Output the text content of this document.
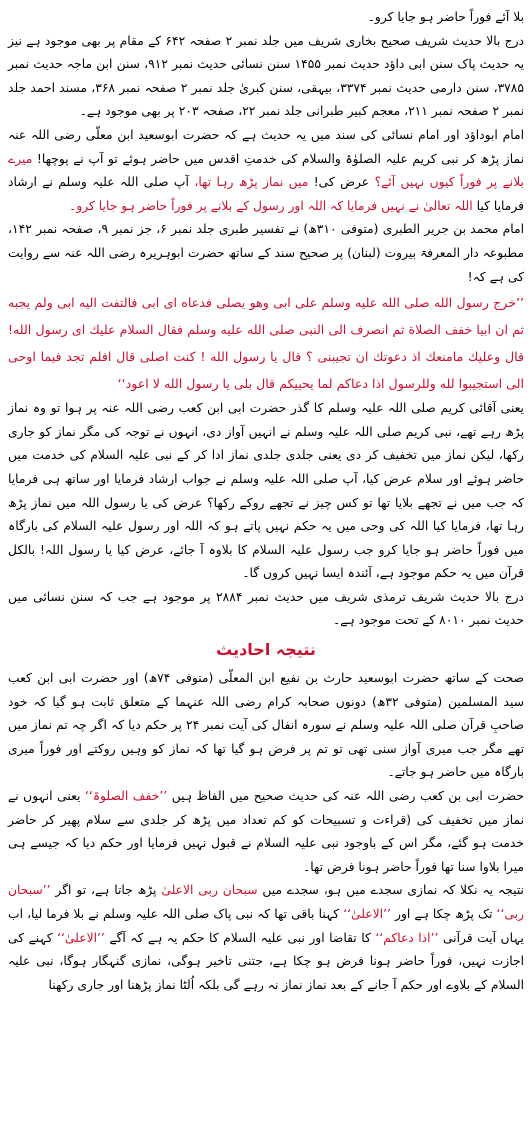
بلا آئے فوراً حاضر ہو جایا کرو۔

درج بالا حدیث شریف صحیح بخاری شریف میں جلد نمبر ۲ صفحہ ۶۴۲ کے مقام پر بھی موجود ہے نیز یہ حدیث پاک سنن ابی داؤد حدیث نمبر ۱۴۵۵ سنن نسائی حدیث نمبر ۹۱۲، سنن ابن ماجہ حدیث نمبر ۳۷۸۵، سنن دارمی حدیث نمبر ۳۳۷۴، بیہقی، سنن کبریٰ جلد نمبر ۲ صفحہ نمبر ۳۶۸، مسند احمد جلد نمبر ۲ صفحہ نمبر ۲۱۱، معجم کبیر طبرانی جلد نمبر ۲۲، صفحہ ۲۰۳ پر بھی موجود ہے۔

امام ابوداؤد اور امام نسائی کی سند میں یہ حدیث ہے کہ حضرت ابوسعید ابن معلّی رضی اللہ عنہ نماز پڑھ کر نبی کریم علیہ الصلوٰۃ والسلام کی خدمتِ اقدس میں حاضر ہوئے تو آپ نے پوچھا! میرے بلانے پر فوراً کیوں نہیں آئے؟ عرض کی! میں نماز پڑھ رہا تھا، آپ صلی اللہ علیہ وسلم نے ارشاد فرمایا کیا اللہ تعالیٰ نے نہیں فرمایا کہ اللہ اور رسول کے بلانے پر فوراً حاضر ہو جایا کرو۔

امام محمد بن جریر الطبری (متوفی ۳۱۰ھ) نے تفسیر طبری جلد نمبر ۶، جز نمبر ۹، صفحہ نمبر ۱۴۲، مطبوعہ دار المعرفۃ بیروت (لبنان) پر صحیح سند کے ساتھ حضرت ابوہریرہ رضی اللہ عنہ سے روایت کی ہے کہ!

’’خرج رسول الله صلى الله عليه وسلم على ابى وهو يصلى فدعاه اى ابى فالتفت اليه ابى ولم يجبه ثم ان ابيا خفف الصلاة ثم انصرف الى النبى صلى الله عليه وسلم فقال السلام عليك اى رسول الله! قال وعليك مامنعك اذ دعوتك ان تجيبنى ؟ قال يا رسول الله ! كنت اصلى قال افلم تجد فيما اوحى الى استجيبوا لله وللرسول اذا دعاكم لما يحييكم قال بلى يا رسول الله لا اعود‘‘

یعنی آقائی کریم صلی اللہ علیہ وسلم کا گذر حضرت ابی ابن کعب رضی اللہ عنہ پر ہوا تو وہ نماز پڑھ رہے تھے، نبی کریم صلی اللہ علیہ وسلم نے انہیں آواز دی، انہوں نے توجہ کی مگر نماز کو جاری رکھا، لیکن نماز میں تخفیف کر دی یعنی جلدی جلدی نماز ادا کر کے نبی علیہ السلام کی خدمت میں حاضر ہوئے اور سلام عرض کیا، آپ صلی اللہ علیہ وسلم نے جواب ارشاد فرمایا اور ساتھ ہی فرمایا کہ جب میں نے تجھے بلایا تھا تو کس چیز نے تجھے روکے رکھا؟ عرض کی یا رسول اللہ میں نماز پڑھ رہا تھا، فرمایا کیا اللہ کی وحی میں یہ حکم نہیں پاتے ہو کہ اللہ اور رسول علیہ السلام کی بارگاہ میں فوراً حاضر ہو جایا کرو جب رسول علیہ السلام کا بلاوہ آ جائے، عرض کیا یا رسول اللہ! بالکل قرآن میں یہ حکم موجود ہے، آئندہ ایسا نہیں کروں گا۔

درج بالا حدیث شریف ترمذی شریف میں حدیث نمبر ۲۸۸۴ پر موجود ہے جب کہ سنن نسائی میں حدیث نمبر ۸۰۱۰ کے تحت موجود ہے۔

نتیجہ احادیث

صحت کے ساتھ حضرت ابوسعید حارث بن نفیع ابن المعلّی (متوفی ۷۴ھ) اور حضرت ابی ابن کعب سید المسلمین (متوفی ۳۲ھ) دونوں صحابہ کرام رضی اللہ عنہما کے متعلق ثابت ہو گیا کہ خود صاحبِ قرآن صلی اللہ علیہ وسلم نے سورہ انفال کی آیت نمبر ۲۴ پر حکم دیا کہ اگر چہ تم نماز میں تھے مگر جب میری آواز سنی تھی تو تم پر فرض ہو گیا تھا کہ نماز کو وہیں روکتے اور فوراً میری بارگاہ میں حاضر ہو جاتے۔

حضرت ابی بن کعب رضی اللہ عنہ کی حدیث صحیح میں الفاظ ہیں ’’خفف الصلوۃ‘‘ یعنی انہوں نے نماز میں تخفیف کی (قراءت و تسبیحات کو کم تعداد میں پڑھ کر جلدی سے سلام پھیر کر حاضر خدمت ہو گئے، مگر اس کے باوجود نبی علیہ السلام نے قبول نہیں فرمایا اور حکم دیا کہ جیسے ہی میرا بلاوا سنا تھا فوراً حاضر ہونا فرض تھا۔

نتیجہ یہ نکلا کہ نمازی سجدے میں ہو، سجدے میں سبحان ربی الاعلیٰ پڑھ جاتا ہے، تو اگر ’’سبحان ربی‘‘ تک پڑھ چکا ہے اور ’’الاعلیٰ‘‘ کہنا باقی تھا کہ نبی پاک صلی اللہ علیہ وسلم نے بلا فرما لیا، اب یہاں آیت قرآنی ’’اذا دعاکم‘‘ کا تقاضا اور نبی علیہ السلام کا حکم یہ ہے کہ آگے ’’الاعلیٰ‘‘ کہنے کی اجازت نہیں، فوراً حاضر ہونا فرض ہو چکا ہے، جتنی تاخیر ہوگی، نمازی گنہگار ہوگا، نبی علیہ السلام کے بلاوے اور حکم آ جانے کے بعد نماز نماز نہ رہے گی بلکہ اُلٹا نماز پڑھنا اور جاری رکھنا
